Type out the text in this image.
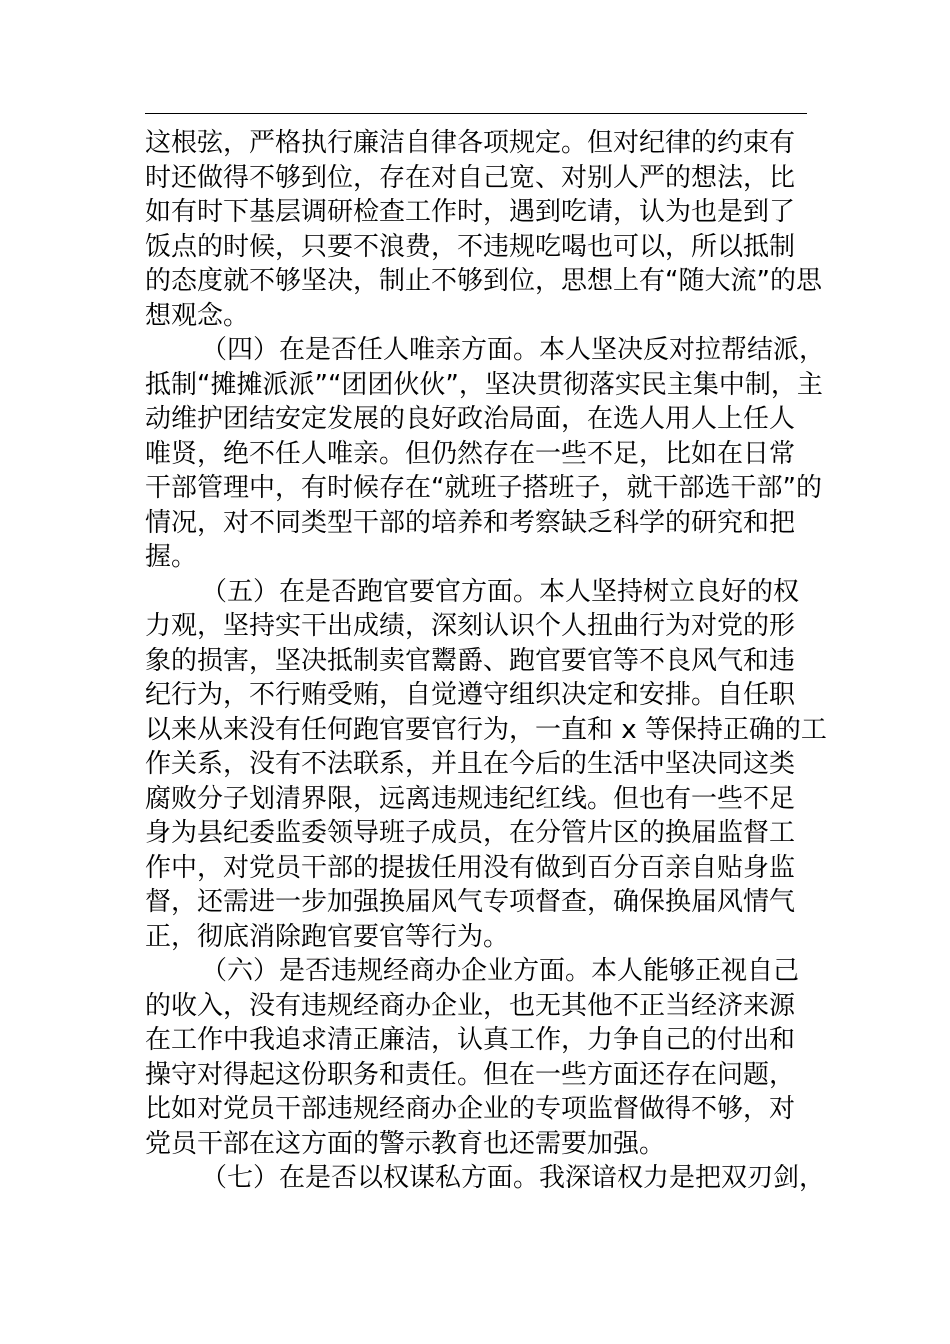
这根弦，严格执行廉洁自律各项规定。但对纪律的约束有
时还做得不够到位，存在对自己宽、对别人严的想法，比
如有时下基层调研检查工作时，遇到吃请，认为也是到了
饭点的时候，只要不浪费，不违规吃喝也可以，所以抵制
的态度就不够坚决，制止不够到位，思想上有“随大流”的思
想观念。
（四）在是否任人唯亲方面。本人坚决反对拉帮结派，
抵制“摊摊派派”“团团伙伙”，坚决贯彻落实民主集中制，主
动维护团结安定发展的良好政治局面，在选人用人上任人
唯贤，绝不任人唯亲。但仍然存在一些不足，比如在日常
干部管理中，有时候存在“就班子搭班子，就干部选干部”的
情况，对不同类型干部的培养和考察缺乏科学的研究和把
握。
（五）在是否跑官要官方面。本人坚持树立良好的权
力观，坚持实干出成绩，深刻认识个人扭曲行为对党的形
象的损害，坚决抵制卖官鬻爵、跑官要官等不良风气和违
纪行为，不行贿受贿，自觉遵守组织决定和安排。自任职
以来从来没有任何跑官要官行为，一直和 x 等保持正确的工
作关系，没有不法联系，并且在今后的生活中坚决同这类
腐败分子划清界限，远离违规违纪红线。但也有一些不足
身为县纪委监委领导班子成员，在分管片区的换届监督工
作中，对党员干部的提拔任用没有做到百分百亲自贴身监
督，还需进一步加强换届风气专项督查，确保换届风情气
正，彻底消除跑官要官等行为。
（六）是否违规经商办企业方面。本人能够正视自己
的收入，没有违规经商办企业，也无其他不正当经济来源
在工作中我追求清正廉洁，认真工作，力争自己的付出和
操守对得起这份职务和责任。但在一些方面还存在问题，
比如对党员干部违规经商办企业的专项监督做得不够，对
党员干部在这方面的警示教育也还需要加强。
（七）在是否以权谋私方面。我深谙权力是把双刃剑，
